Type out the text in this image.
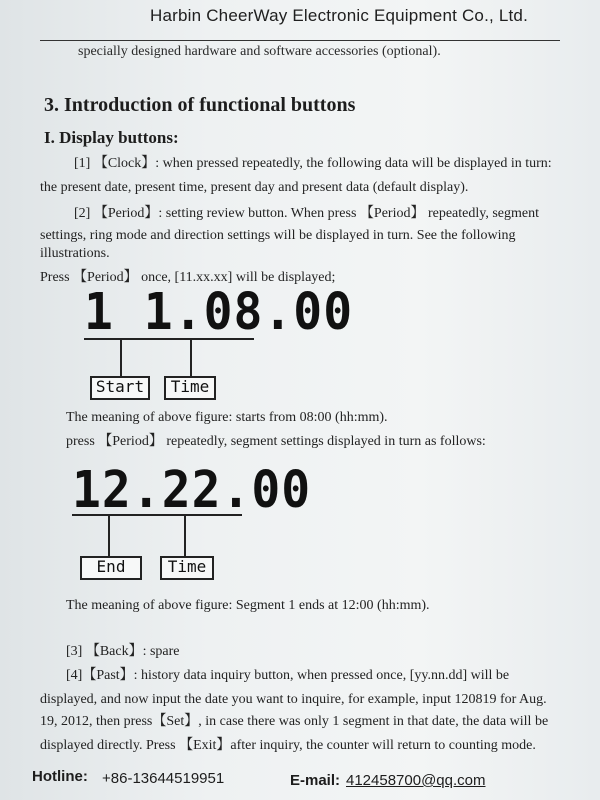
Harbin CheerWay Electronic Equipment Co., Ltd.
specially designed hardware and software accessories (optional).
3. Introduction of functional buttons
I. Display buttons:
[1] 【Clock】: when pressed repeatedly, the following data will be displayed in turn:
the present date, present time, present day and present data (default display).
[2] 【Period】: setting review button. When press 【Period】 repeatedly, segment
settings, ring mode and direction settings will be displayed in turn. See the following
illustrations.
Press 【Period】 once, [11.xx.xx] will be displayed;
1 1.08.00
Start	Time
The meaning of above figure: starts from 08:00 (hh:mm).
press 【Period】 repeatedly, segment settings displayed in turn as follows:
12.22.00
End	Time
The meaning of above figure: Segment 1 ends at 12:00 (hh:mm).
[3] 【Back】: spare
[4]【Past】: history data inquiry button, when pressed once, [yy.nn.dd] will be
displayed, and now input the date you want to inquire, for example, input 120819 for Aug.
19, 2012, then press【Set】, in case there was only 1 segment in that date, the data will be
displayed directly. Press 【Exit】after inquiry, the counter will return to counting mode.
Hotline: +86-13644519951	E-mail: 412458700@qq.com
